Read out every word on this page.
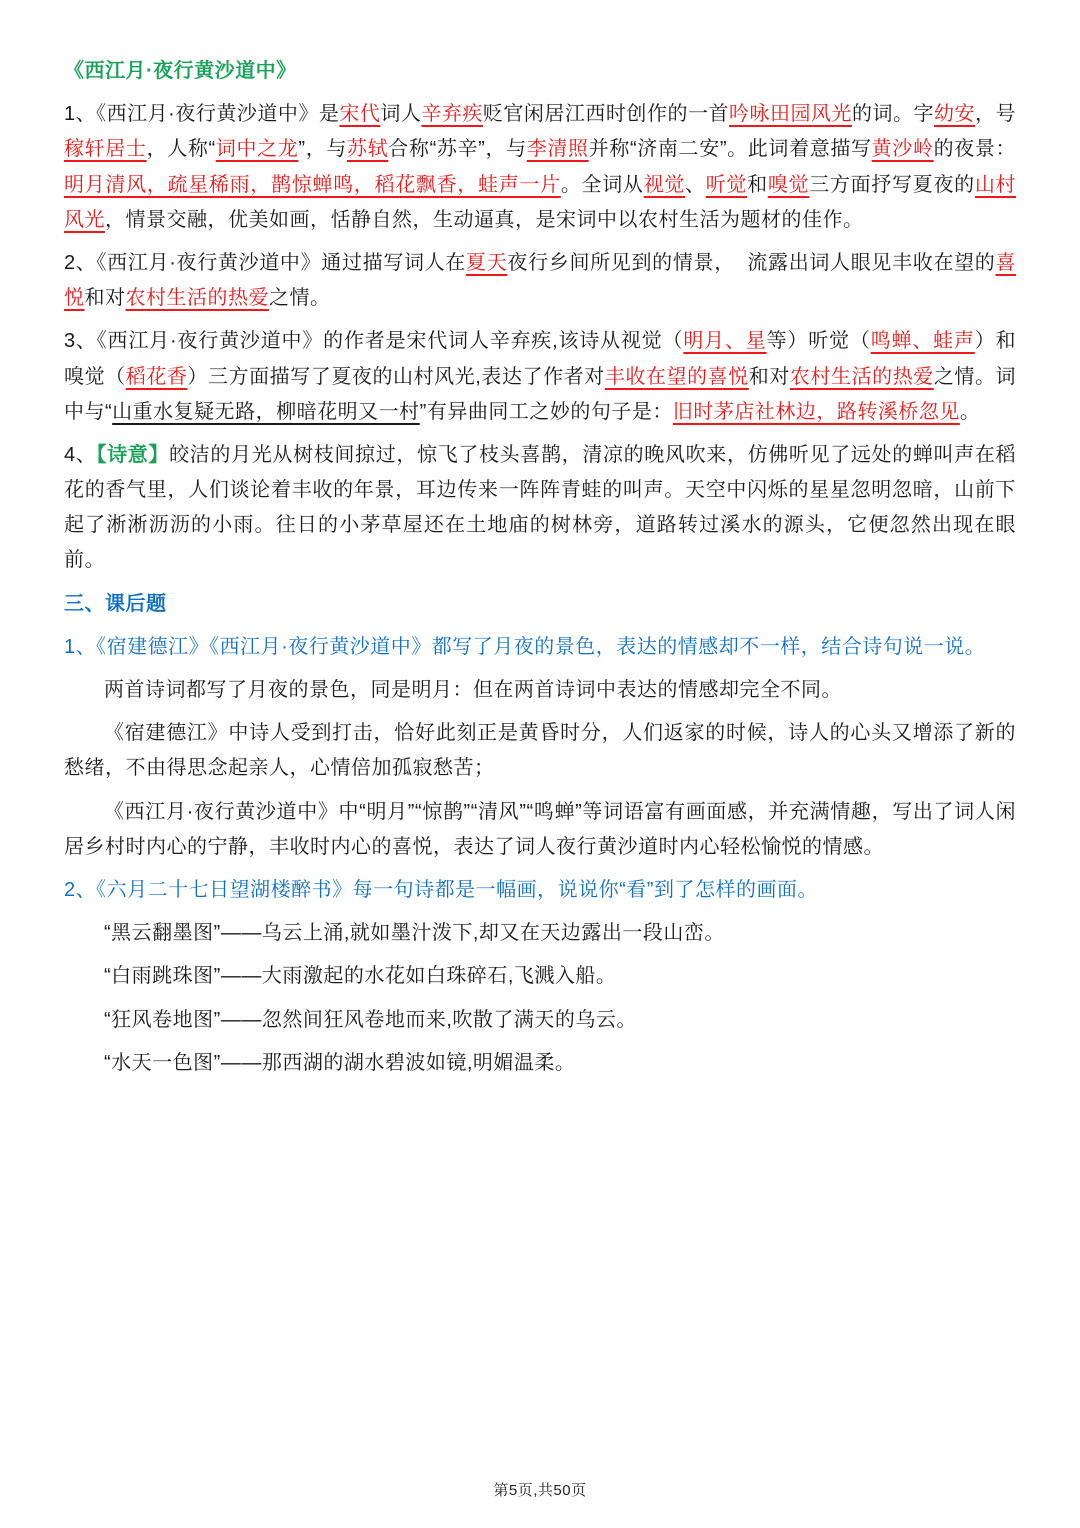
《西江月·夜行黄沙道中》

1、《西江月·夜行黄沙道中》是宋代词人辛弃疾贬官闲居江西时创作的一首吟咏田园风光的词。字幼安，号稼轩居士，人称“词中之龙”，与苏轼合称“苏辛”，与李清照并称“济南二安”。此词着意描写黄沙岭的夜景：明月清风，疏星稀雨，鹊惊蝉鸣，稻花飘香，蛙声一片。全词从视觉、听觉和嗅觉三方面抒写夏夜的山村风光，情景交融，优美如画，恬静自然，生动逼真，是宋词中以农村生活为题材的佳作。

2、《西江月·夜行黄沙道中》通过描写词人在夏天夜行乡间所见到的情景，  流露出词人眼见丰收在望的喜悦和对农村生活的热爱之情。

3、《西江月·夜行黄沙道中》的作者是宋代词人辛弃疾,该诗从视觉（明月、星等）听觉（鸣蝉、蛙声）和嗅觉（稻花香）三方面描写了夏夜的山村风光,表达了作者对丰收在望的喜悦和对农村生活的热爱之情。词中与“山重水复疑无路，柳暗花明又一村”有异曲同工之妙的句子是：旧时茅店社林边，路转溪桥忽见。

4、【诗意】皎洁的月光从树枝间掠过，惊飞了枝头喜鹊，清凉的晚风吹来，仿佛听见了远处的蝉叫声在稻花的香气里，人们谈论着丰收的年景，耳边传来一阵阵青蛙的叫声。天空中闪烁的星星忽明忽暗，山前下起了淅淅沥沥的小雨。往日的小茅草屋还在土地庙的树林旁，道路转过溪水的源头，它便忽然出现在眼前。

三、课后题

1、《宿建德江》《西江月·夜行黄沙道中》都写了月夜的景色，表达的情感却不一样，结合诗句说一说。

两首诗词都写了月夜的景色，同是明月：但在两首诗词中表达的情感却完全不同。

《宿建德江》中诗人受到打击，恰好此刻正是黄昏时分，人们返家的时候，诗人的心头又增添了新的愁绪，不由得思念起亲人，心情倍加孤寂愁苦；

《西江月·夜行黄沙道中》中“明月”“惊鹊”“清风”“鸣蝉”等词语富有画面感，并充满情趣，写出了词人闲居乡村时内心的宁静，丰收时内心的喜悦，表达了词人夜行黄沙道时内心轻松愉悦的情感。

2、《六月二十七日望湖楼醉书》每一句诗都是一幅画，说说你“看”到了怎样的画面。

“黑云翻墨图”——乌云上涌,就如墨汁泼下,却又在天边露出一段山峦。

“白雨跳珠图”——大雨激起的水花如白珠碎石,飞溅入船。

“狂风卷地图”——忽然间狂风卷地而来,吹散了满天的乌云。

“水天一色图”——那西湖的湖水碧波如镜,明媚温柔。

第5页,共50页
